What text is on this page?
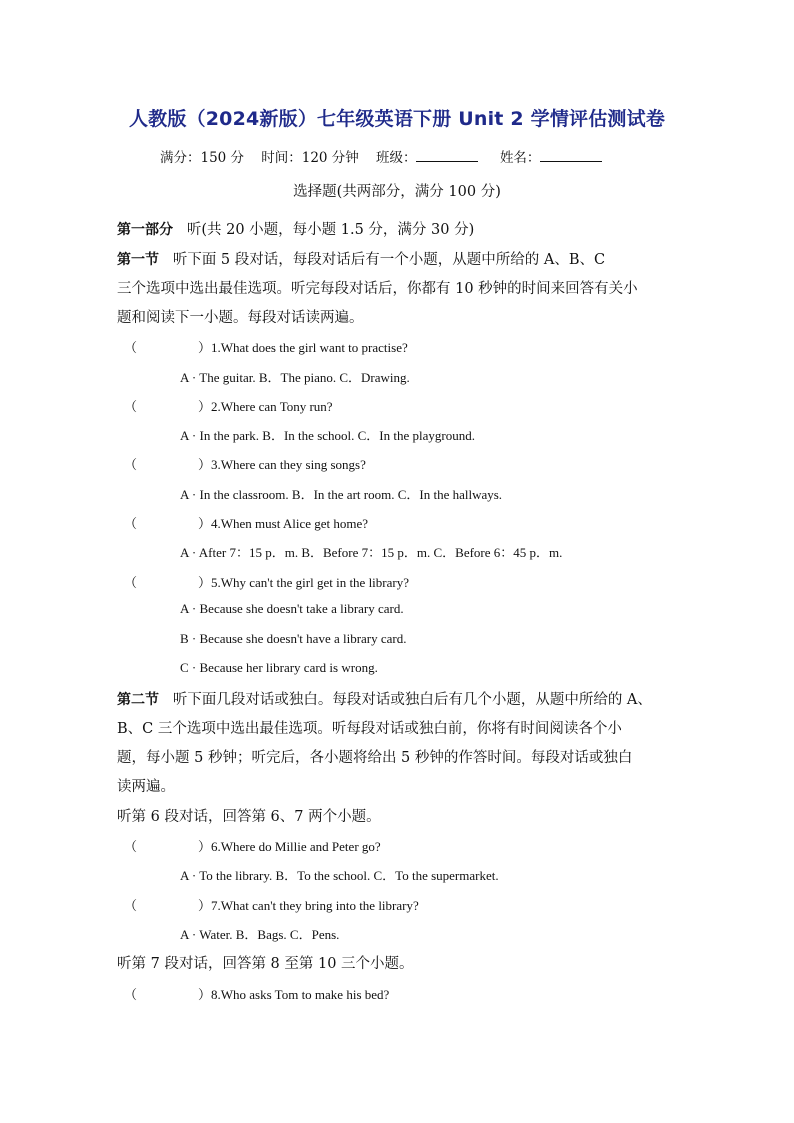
人教版（2024新版）七年级英语下册 Unit 2 学情评估测试卷
满分：150 分 时间：120 分钟 班级：	姓名：
选择题(共两部分，满分 100 分)
第一部分 听(共 20 小题，每小题 1.5 分，满分 30 分)
第一节 听下面 5 段对话，每段对话后有一个小题，从题中所给的 A、B、C
三个选项中选出最佳选项。听完每段对话后，你都有 10 秒钟的时间来回答有关小
题和阅读下一小题。每段对话读两遍。
（	）1.What does the girl want to practise?
A · The guitar. B．The piano. C．Drawing.
（	）2.Where can Tony run?
A · In the park. B．In the school. C．In the playground.
（	）3.Where can they sing songs?
A · In the classroom. B．In the art room. C．In the hallways.
（	）4.When must Alice get home?
A · After 7：15 p．m. B．Before 7：15 p．m. C．Before 6：45 p．m.
（	）5.Why can't the girl get in the library?
A · Because she doesn't take a library card.
B · Because she doesn't have a library card.
C · Because her library card is wrong.
第二节 听下面几段对话或独白。每段对话或独白后有几个小题，从题中所给的 A、
B、C 三个选项中选出最佳选项。听每段对话或独白前，你将有时间阅读各个小
题，每小题 5 秒钟；听完后，各小题将给出 5 秒钟的作答时间。每段对话或独白
读两遍。
听第 6 段对话，回答第 6、7 两个小题。
（	）6.Where do Millie and Peter go?
A · To the library. B．To the school. C．To the supermarket.
（	）7.What can't they bring into the library?
A · Water. B．Bags. C．Pens.
听第 7 段对话，回答第 8 至第 10 三个小题。
（	）8.Who asks Tom to make his bed?
